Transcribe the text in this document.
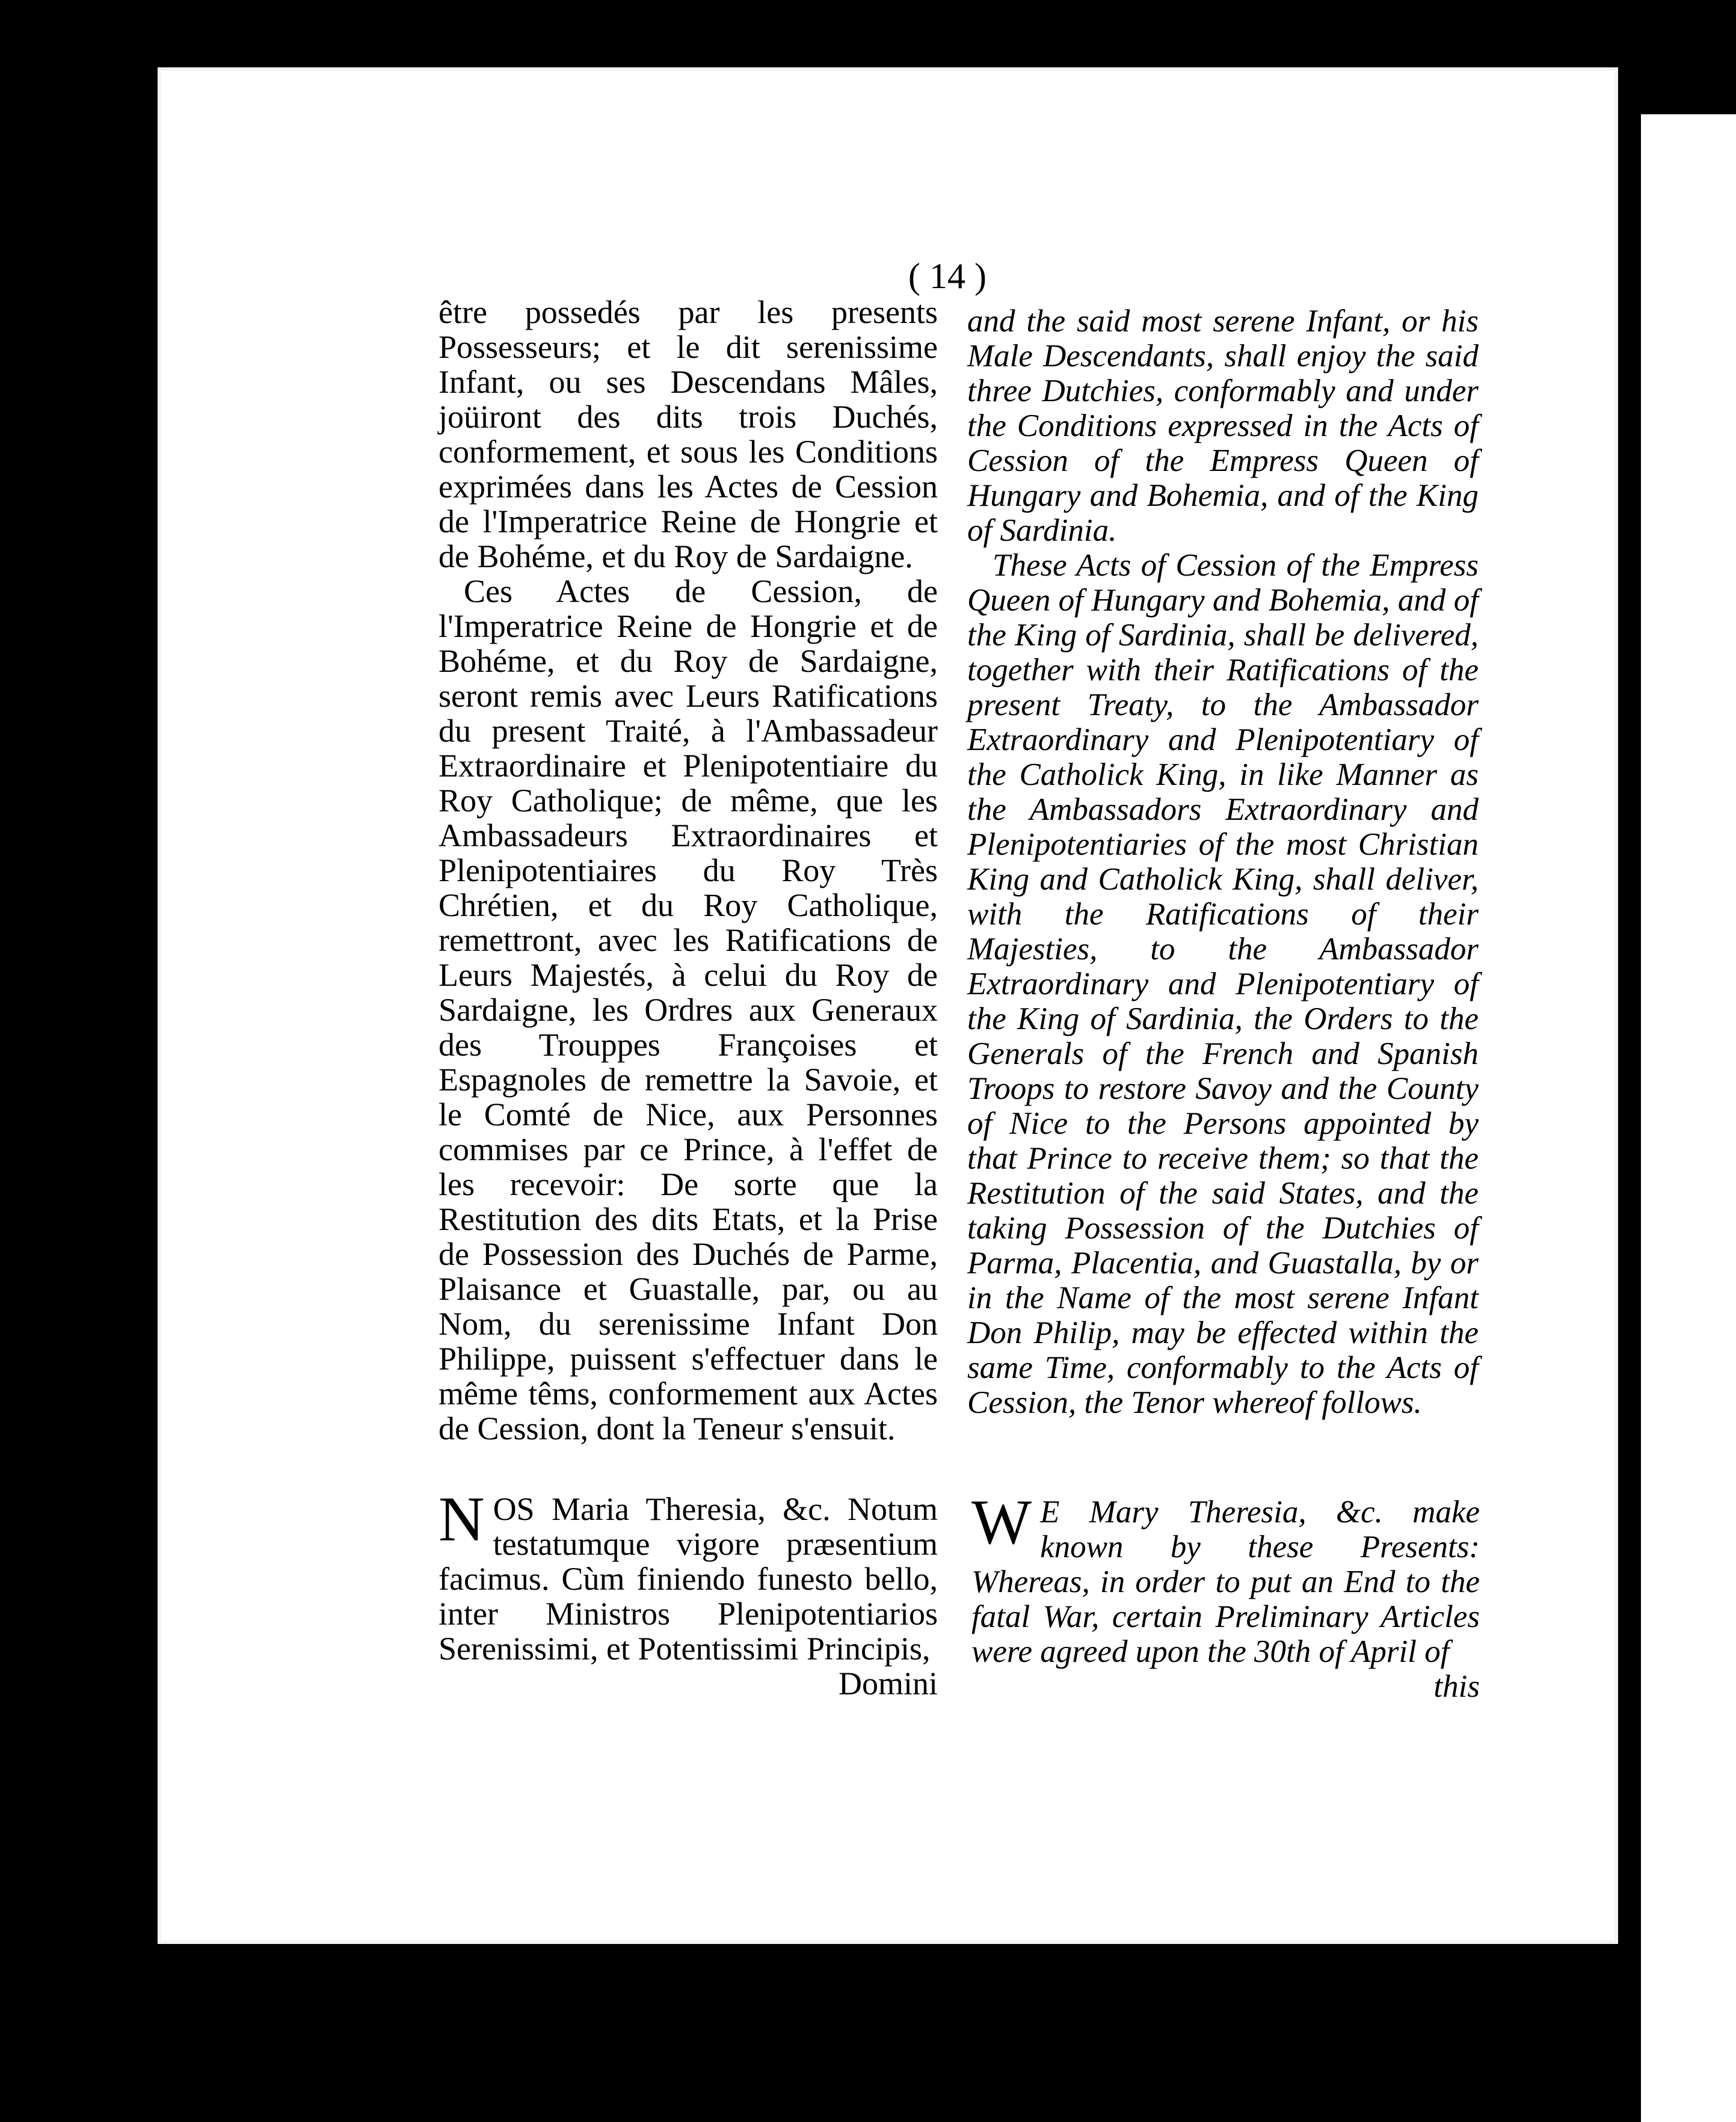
( 14 )

être possedés par les presents Possesseurs; et le dit serenissime Infant, ou ses Descendans Mâles, joüiront des dits trois Duchés, conformement, et sous les Conditions exprimées dans les Actes de Cession de l'Imperatrice Reine de Hongrie et de Bohéme, et du Roy de Sardaigne.

Ces Actes de Cession, de l'Imperatrice Reine de Hongrie et de Bohéme, et du Roy de Sardaigne, seront remis avec Leurs Ratifications du present Traité, à l'Ambassadeur Extraordinaire et Plenipotentiaire du Roy Catholique; de même, que les Ambassadeurs Extraordinaires et Plenipotentiaires du Roy Très Chrétien, et du Roy Catholique, remettront, avec les Ratifications de Leurs Majestés, à celui du Roy de Sardaigne, les Ordres aux Generaux des Trouppes Françoises et Espagnoles de remettre la Savoie, et le Comté de Nice, aux Personnes commises par ce Prince, à l'effet de les recevoir: De sorte que la Restitution des dits Etats, et la Prise de Possession des Duchés de Parme, Plaisance et Guastalle, par, ou au Nom, du serenissime Infant Don Philippe, puissent s'effectuer dans le même têms, conformement aux Actes de Cession, dont la Teneur s'ensuit.

and the said most serene Infant, or his Male Descendants, shall enjoy the said three Dutchies, conformably and under the Conditions expressed in the Acts of Cession of the Empress Queen of Hungary and Bohemia, and of the King of Sardinia.

These Acts of Cession of the Empress Queen of Hungary and Bohemia, and of the King of Sardinia, shall be delivered, together with their Ratifications of the present Treaty, to the Ambassador Extraordinary and Plenipotentiary of the Catholick King, in like Manner as the Ambassadors Extraordinary and Plenipotentiaries of the most Christian King and Catholick King, shall deliver, with the Ratifications of their Majesties, to the Ambassador Extraordinary and Plenipotentiary of the King of Sardinia, the Orders to the Generals of the French and Spanish Troops to restore Savoy and the County of Nice to the Persons appointed by that Prince to receive them; so that the Restitution of the said States, and the taking Possession of the Dutchies of Parma, Placentia, and Guastalla, by or in the Name of the most serene Infant Don Philip, may be effected within the same Time, conformably to the Acts of Cession, the Tenor whereof follows.

NOS Maria Theresia, &c. Notum testatumque vigore præsentium facimus. Cùm finiendo funesto bello, inter Ministros Plenipotentiarios Serenissimi, et Potentissimi Principis,
Domini

W E Mary Theresia, &c. make known by these Presents: Whereas, in order to put an End to the fatal War, certain Preliminary Articles were agreed upon the 30th of April of
this
